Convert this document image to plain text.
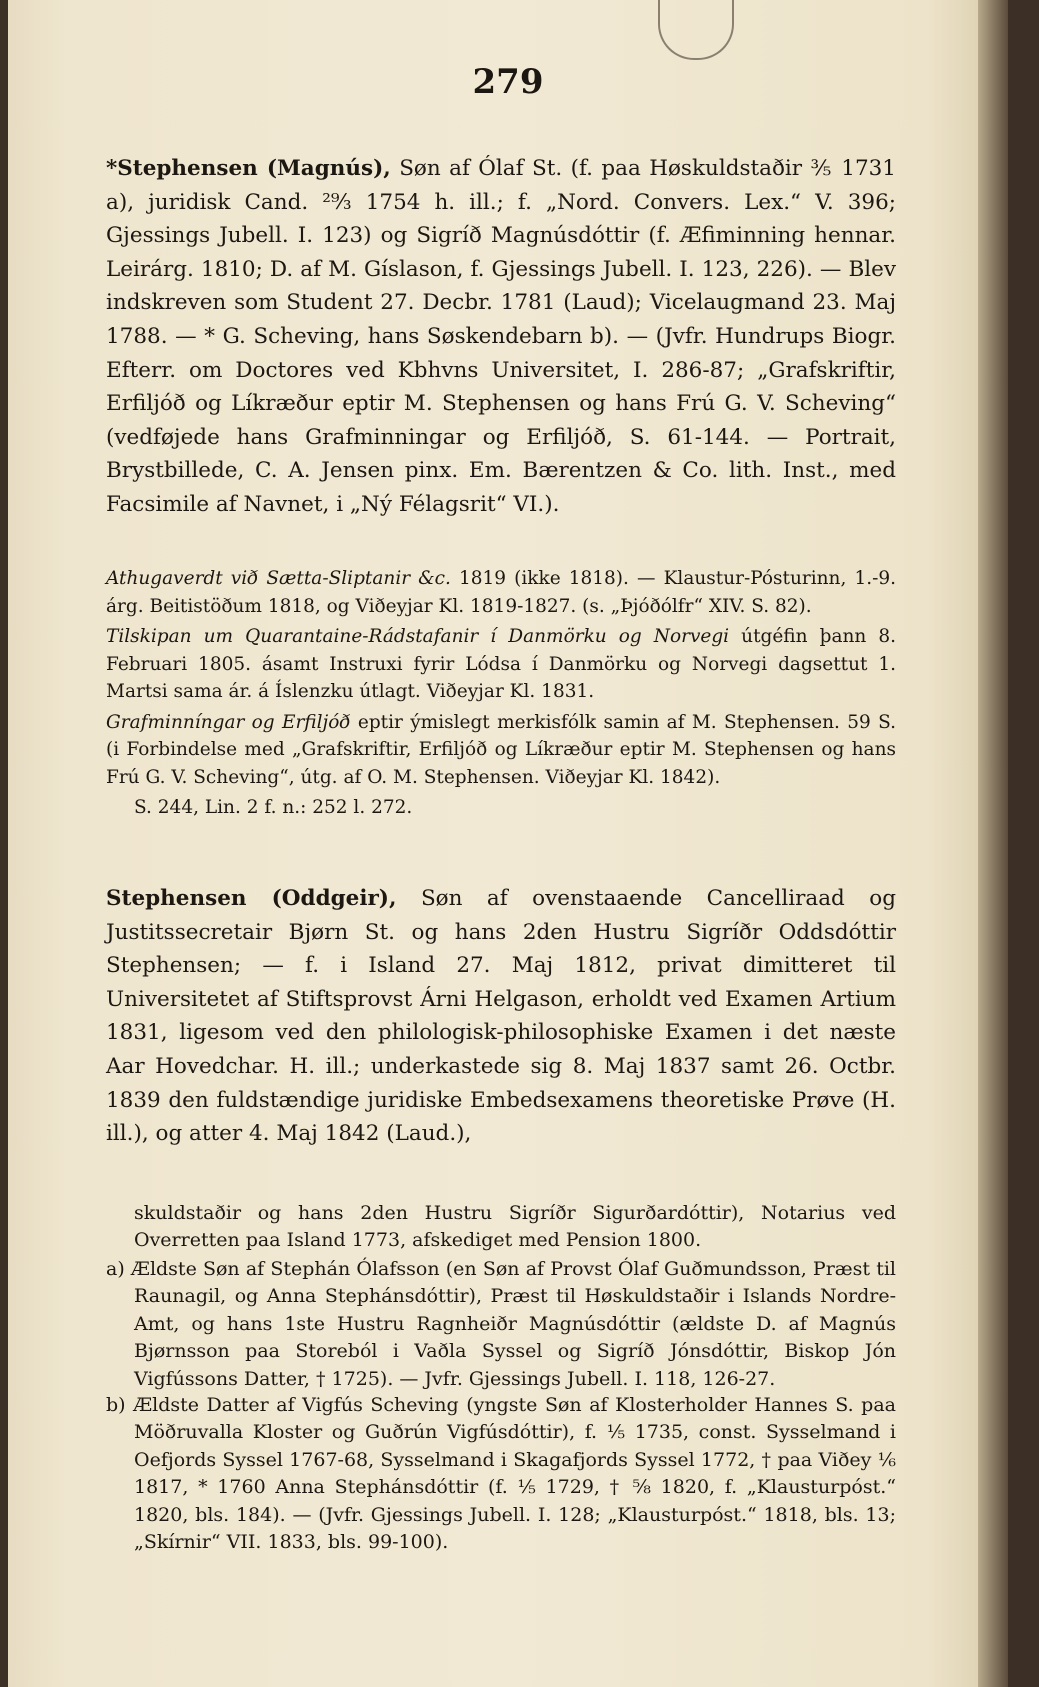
279
*Stephensen (Magnús), Søn af Ólaf St. (f. paa Høskuldstaðir ⅗ 1731 a), juridisk Cand. ²⁹⁄₃ 1754 h. ill.; f. „Nord. Convers. Lex.“ V. 396; Gjessings Jubell. I. 123) og Sigríð Magnúsdóttir (f. Æfiminning hennar. Leirárg. 1810; D. af M. Gíslason, f. Gjessings Jubell. I. 123, 226). — Blev indskreven som Student 27. Decbr. 1781 (Laud); Vicelaugmand 23. Maj 1788. — * G. Scheving, hans Søskendebarn b). — (Jvfr. Hundrups Biogr. Efterr. om Doctores ved Kbhvns Universitet, I. 286-87; „Grafskriftir, Erfiljóð og Líkræður eptir M. Stephensen og hans Frú G. V. Scheving“ (vedføjede hans Grafminningar og Erfiljóð, S. 61-144. — Portrait, Brystbillede, C. A. Jensen pinx. Em. Bærentzen & Co. lith. Inst., med Facsimile af Navnet, i „Ný Félagsrit“ VI.).
Athugaverdt við Sætta-Sliptanir &c. 1819 (ikke 1818). — Klaustur-Pósturinn, 1.-9. árg. Beitistöðum 1818, og Viðeyjar Kl. 1819-1827. (s. „Þjóðólfr“ XIV. S. 82).
Tilskipan um Quarantaine-Rádstafanir í Danmörku og Norvegi útgéfin þann 8. Februari 1805. ásamt Instruxi fyrir Lódsa í Danmörku og Norvegi dagsettut 1. Martsi sama ár. á Íslenzku útlagt. Viðeyjar Kl. 1831.
Grafminníngar og Erfiljóð eptir ýmislegt merkisfólk samin af M. Stephensen. 59 S. (i Forbindelse med „Grafskriftir, Erfiljóð og Líkræður eptir M. Stephensen og hans Frú G. V. Scheving“, útg. af O. M. Stephensen. Viðeyjar Kl. 1842).
S. 244, Lin. 2 f. n.: 252 l. 272.
Stephensen (Oddgeir), Søn af ovenstaaende Cancelliraad og Justitssecretair Bjørn St. og hans 2den Hustru Sigríðr Oddsdóttir Stephensen; — f. i Island 27. Maj 1812, privat dimitteret til Universitetet af Stiftsprovst Árni Helgason, erholdt ved Examen Artium 1831, ligesom ved den philologisk-philosophiske Examen i det næste Aar Hovedchar. H. ill.; underkastede sig 8. Maj 1837 samt 26. Octbr. 1839 den fuldstændige juridiske Embedsexamens theoretiske Prøve (H. ill.), og atter 4. Maj 1842 (Laud.),
skuldstaðir og hans 2den Hustru Sigríðr Sigurðardóttir), Notarius ved Overretten paa Island 1773, afskediget med Pension 1800.
a) Ældste Søn af Stephán Ólafsson (en Søn af Provst Ólaf Guðmundsson, Præst til Raunagil, og Anna Stephánsdóttir), Præst til Høskuldstaðir i Islands Nordre-Amt, og hans 1ste Hustru Ragnheiðr Magnúsdóttir (ældste D. af Magnús Bjørnsson paa Storeból i Vaðla Syssel og Sigríð Jónsdóttir, Biskop Jón Vigfússons Datter, † 1725). — Jvfr. Gjessings Jubell. I. 118, 126-27.
b) Ældste Datter af Vigfús Scheving (yngste Søn af Klosterholder Hannes S. paa Möðruvalla Kloster og Guðrún Vigfúsdóttir), f. ⅕ 1735, const. Sysselmand i Oefjords Syssel 1767-68, Sysselmand i Skagafjords Syssel 1772, † paa Viðey ⅙ 1817, * 1760 Anna Stephánsdóttir (f. ⅕ 1729, † ⅝ 1820, f. „Klausturpóst.“ 1820, bls. 184). — (Jvfr. Gjessings Jubell. I. 128; „Klausturpóst.“ 1818, bls. 13; „Skírnir“ VII. 1833, bls. 99-100).
